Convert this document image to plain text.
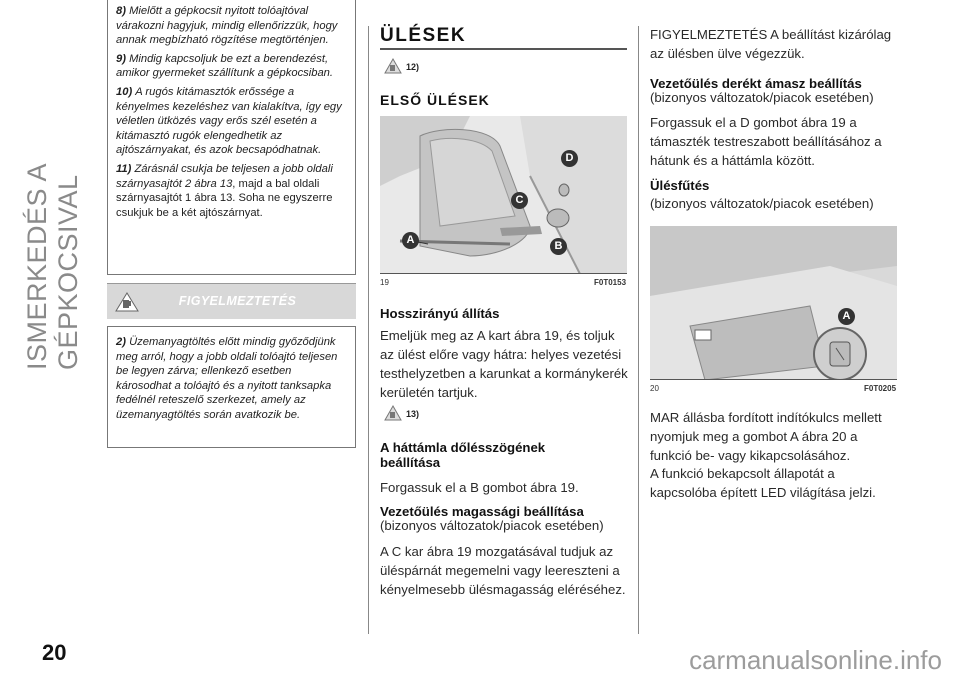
ISMERKEDÉS A GÉPKOCSIVAL
20	carmanualsonline.info

8) Mielőtt a gépkocsit nyitott tolóajtóval várakozni hagyjuk, mindig ellenőrizzük, hogy annak megbízható rögzítése megtörténjen.

9) Mindig kapcsoljuk be ezt a berendezést, amikor gyermeket szállítunk a gépkocsiban.

10) A rugós kitámasztók erőssége a kényelmes kezeléshez van kialakítva, így egy véletlen ütközés vagy erős szél esetén a kitámasztó rugók elengedhetik az ajtószárnyakat, és azok becsapódhatnak.

11) Zárásnál csukja be teljesen a jobb oldali szárnyasajtót 2 ábra 13, majd a bal oldali szárnyasajtót 1 ábra 13. Soha ne egyszerre csukjuk be a két ajtószárnyat.

FIGYELMEZTETÉS
2) Üzemanyagtöltés előtt mindig győződjünk meg arról, hogy a jobb oldali tolóajtó teljesen be legyen zárva; ellenkező esetben károsodhat a tolóajtó és a nyitott tanksapka fedélnél reteszelő szerkezet, amely az üzemanyagtöltés során avatkozik be.
ÜLÉSEK
12)
ELSŐ ÜLÉSEK
A	B
C
D
19	F0T0153
Hosszirányú állítás
Emeljük meg az A kart ábra 19, és toljuk az ülést előre vagy hátra: helyes vezetési testhelyzetben a karunkat a kormánykerék kerületén tartjuk.
13)
A háttámla dőlésszögének beállítása
Forgassuk el a B gombot ábra 19.
Vezetőülés magassági beállítása
(bizonyos változatok/piacok esetében)
A C kar ábra 19 mozgatásával tudjuk az üléspárnát megemelni vagy leereszteni a kényelmesebb ülésmagasság eléréséhez.
FIGYELMEZTETÉS A beállítást kizárólag az ülésben ülve végezzük.
Vezetőülés derékt ámasz beállítás
(bizonyos változatok/piacok esetében)
Forgassuk el a D gombot ábra 19 a támaszték testreszabott beállításához a hátunk és a háttámla között.
Ülésfűtés
(bizonyos változatok/piacok esetében)
A
20	F0T0205
MAR állásba fordított indítókulcs mellett nyomjuk meg a gombot A ábra 20 a funkció be- vagy kikapcsolásához.
A funkció bekapcsolt állapotát a kapcsolóba épített LED világítása jelzi.
